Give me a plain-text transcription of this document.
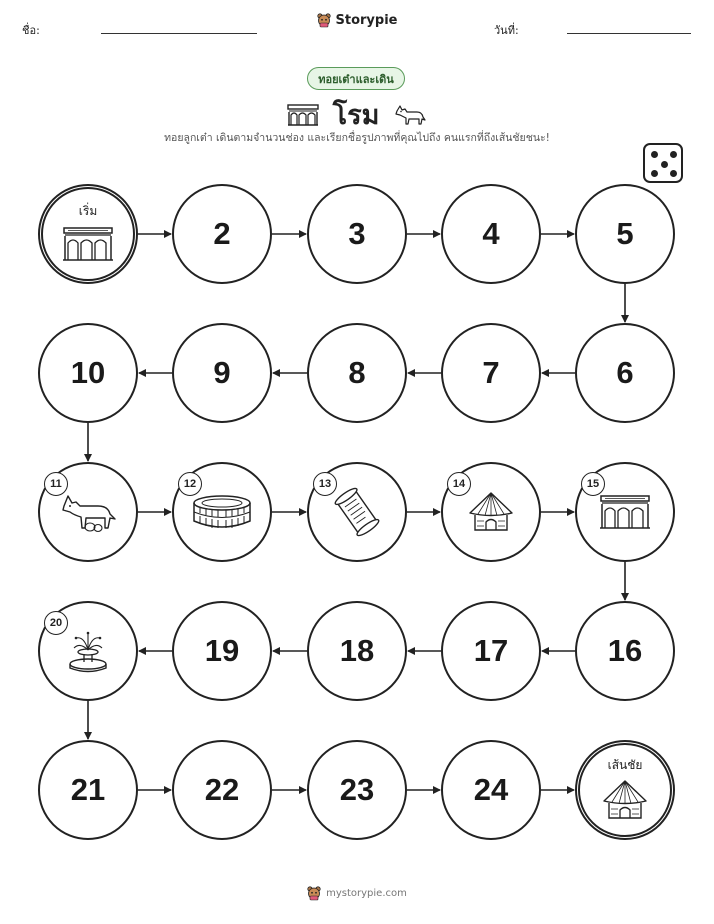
ชื่อ:
Storypie
วันที่:
ทอยเต๋าและเดิน
โรม
ทอยลูกเต๋า เดินตามจำนวนช่อง และเรียกชื่อรูปภาพที่คุณไปถึง คนแรกที่ถึงเส้นชัยชนะ!
เริ่ม
2	3	4	5
6
7
8
9
10
11	12	13	14	15
16
17
18
19
20
21	22	23	24
เส้นชัย
mystorypie.com
